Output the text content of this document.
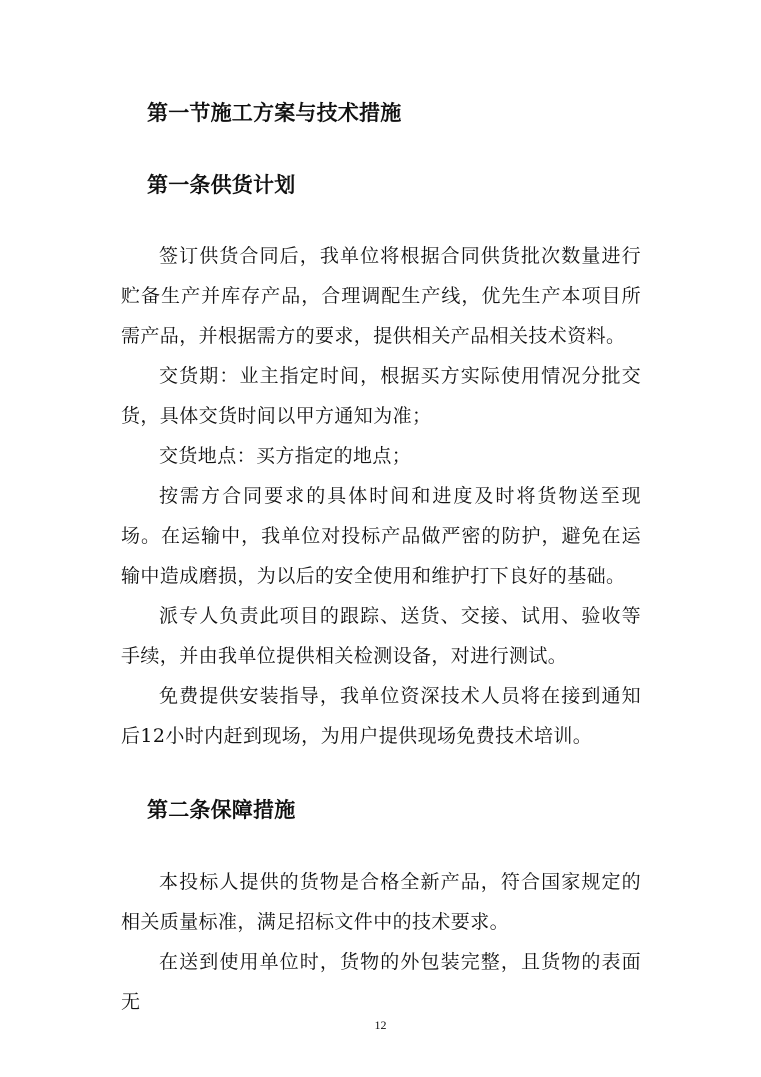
第一节施工方案与技术措施
第一条供货计划
签订供货合同后，我单位将根据合同供货批次数量进行贮备生产并库存产品，合理调配生产线，优先生产本项目所需产品，并根据需方的要求，提供相关产品相关技术资料。
交货期：业主指定时间，根据买方实际使用情况分批交货，具体交货时间以甲方通知为准；
交货地点：买方指定的地点；
按需方合同要求的具体时间和进度及时将货物送至现场。在运输中，我单位对投标产品做严密的防护，避免在运输中造成磨损，为以后的安全使用和维护打下良好的基础。
派专人负责此项目的跟踪、送货、交接、试用、验收等手续，并由我单位提供相关检测设备，对进行测试。
免费提供安装指导，我单位资深技术人员将在接到通知后12小时内赶到现场，为用户提供现场免费技术培训。
第二条保障措施
本投标人提供的货物是合格全新产品，符合国家规定的相关质量标准，满足招标文件中的技术要求。
在送到使用单位时，货物的外包装完整，且货物的表面无
12
